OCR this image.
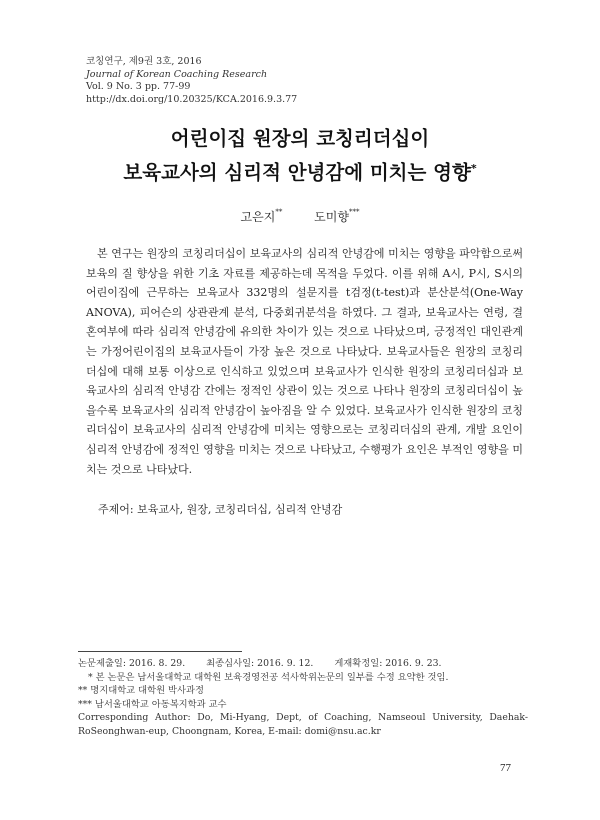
코칭연구, 제9권 3호, 2016
Journal of Korean Coaching Research
Vol. 9 No. 3 pp. 77-99
http://dx.doi.org/10.20325/KCA.2016.9.3.77
어린이집 원장의 코칭리더십이
보육교사의 심리적 안녕감에 미치는 영향*
고은지**	도미향***
본 연구는 원장의 코칭리더십이 보육교사의 심리적 안녕감에 미치는 영향을 파악함으로써 보육의 질 향상을 위한 기초 자료를 제공하는데 목적을 두었다. 이를 위해 A시, P시, S시의 어린이집에 근무하는 보육교사 332명의 설문지를 t검정(t-test)과 분산분석(One-Way ANOVA), 피어슨의 상관관계 분석, 다중회귀분석을 하였다. 그 결과, 보육교사는 연령, 결혼여부에 따라 심리적 안녕감에 유의한 차이가 있는 것으로 나타났으며, 긍정적인 대인관계는 가정어린이집의 보육교사들이 가장 높은 것으로 나타났다. 보육교사들은 원장의 코칭리더십에 대해 보통 이상으로 인식하고 있었으며 보육교사가 인식한 원장의 코칭리더십과 보육교사의 심리적 안녕감 간에는 정적인 상관이 있는 것으로 나타나 원장의 코칭리더십이 높을수록 보육교사의 심리적 안녕감이 높아짐을 알 수 있었다. 보육교사가 인식한 원장의 코칭리더십이 보육교사의 심리적 안녕감에 미치는 영향으로는 코칭리더십의 관계, 개발 요인이 심리적 안녕감에 정적인 영향을 미치는 것으로 나타났고, 수행평가 요인은 부적인 영향을 미치는 것으로 나타났다.
주제어: 보육교사, 원장, 코칭리더십, 심리적 안녕감
논문제출일: 2016. 8. 29. 최종심사일: 2016. 9. 12. 게재확정일: 2016. 9. 23.
* 본 논문은 남서울대학교 대학원 보육경영전공 석사학위논문의 일부를 수정 요약한 것임.
** 명지대학교 대학원 박사과정
*** 남서울대학교 아동복지학과 교수
Corresponding Author: Do, Mi-Hyang, Dept, of Coaching, Namseoul University, Daehak-RoSeonghwan-eup, Choongnam, Korea, E-mail: domi@nsu.ac.kr
77
